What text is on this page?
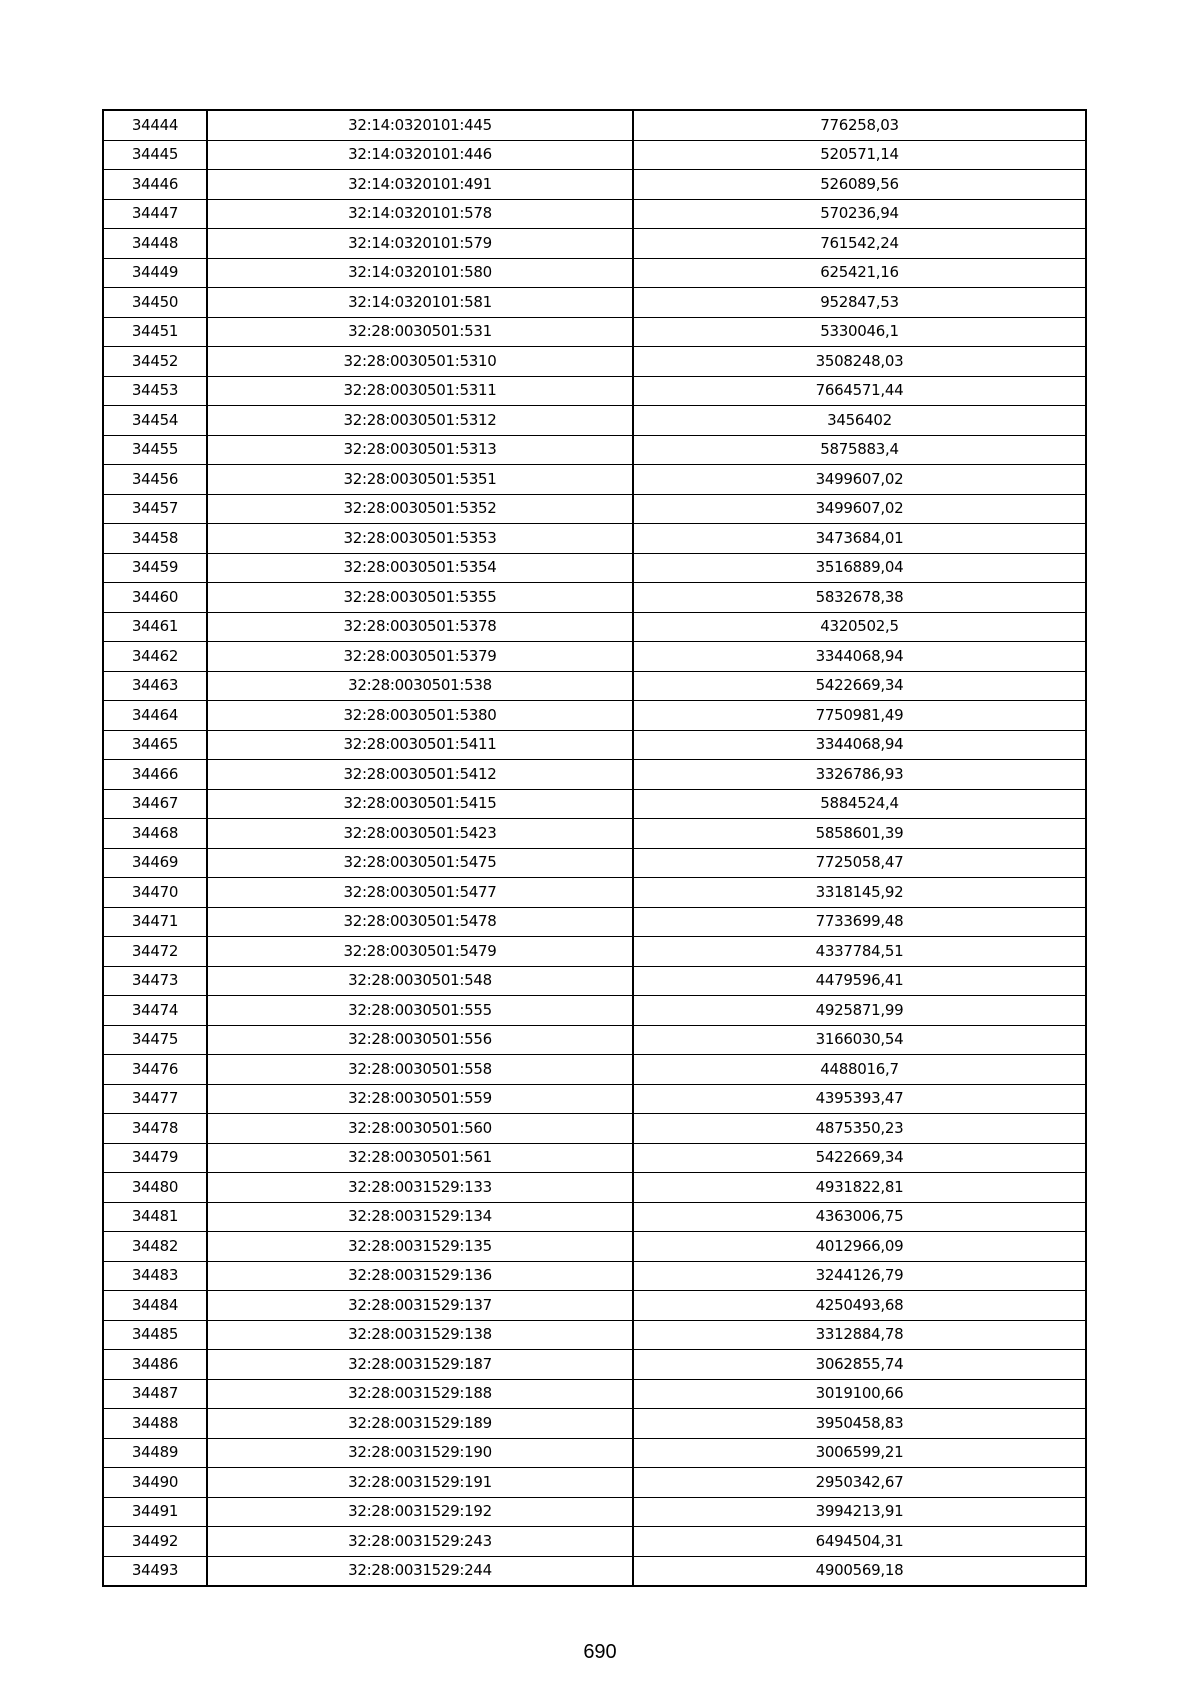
34444	32:14:0320101:445	776258,03
34445	32:14:0320101:446	520571,14
34446	32:14:0320101:491	526089,56
34447	32:14:0320101:578	570236,94
34448	32:14:0320101:579	761542,24
34449	32:14:0320101:580	625421,16
34450	32:14:0320101:581	952847,53
34451	32:28:0030501:531	5330046,1
34452	32:28:0030501:5310	3508248,03
34453	32:28:0030501:5311	7664571,44
34454	32:28:0030501:5312	3456402
34455	32:28:0030501:5313	5875883,4
34456	32:28:0030501:5351	3499607,02
34457	32:28:0030501:5352	3499607,02
34458	32:28:0030501:5353	3473684,01
34459	32:28:0030501:5354	3516889,04
34460	32:28:0030501:5355	5832678,38
34461	32:28:0030501:5378	4320502,5
34462	32:28:0030501:5379	3344068,94
34463	32:28:0030501:538	5422669,34
34464	32:28:0030501:5380	7750981,49
34465	32:28:0030501:5411	3344068,94
34466	32:28:0030501:5412	3326786,93
34467	32:28:0030501:5415	5884524,4
34468	32:28:0030501:5423	5858601,39
34469	32:28:0030501:5475	7725058,47
34470	32:28:0030501:5477	3318145,92
34471	32:28:0030501:5478	7733699,48
34472	32:28:0030501:5479	4337784,51
34473	32:28:0030501:548	4479596,41
34474	32:28:0030501:555	4925871,99
34475	32:28:0030501:556	3166030,54
34476	32:28:0030501:558	4488016,7
34477	32:28:0030501:559	4395393,47
34478	32:28:0030501:560	4875350,23
34479	32:28:0030501:561	5422669,34
34480	32:28:0031529:133	4931822,81
34481	32:28:0031529:134	4363006,75
34482	32:28:0031529:135	4012966,09
34483	32:28:0031529:136	3244126,79
34484	32:28:0031529:137	4250493,68
34485	32:28:0031529:138	3312884,78
34486	32:28:0031529:187	3062855,74
34487	32:28:0031529:188	3019100,66
34488	32:28:0031529:189	3950458,83
34489	32:28:0031529:190	3006599,21
34490	32:28:0031529:191	2950342,67
34491	32:28:0031529:192	3994213,91
34492	32:28:0031529:243	6494504,31
34493	32:28:0031529:244	4900569,18
690
